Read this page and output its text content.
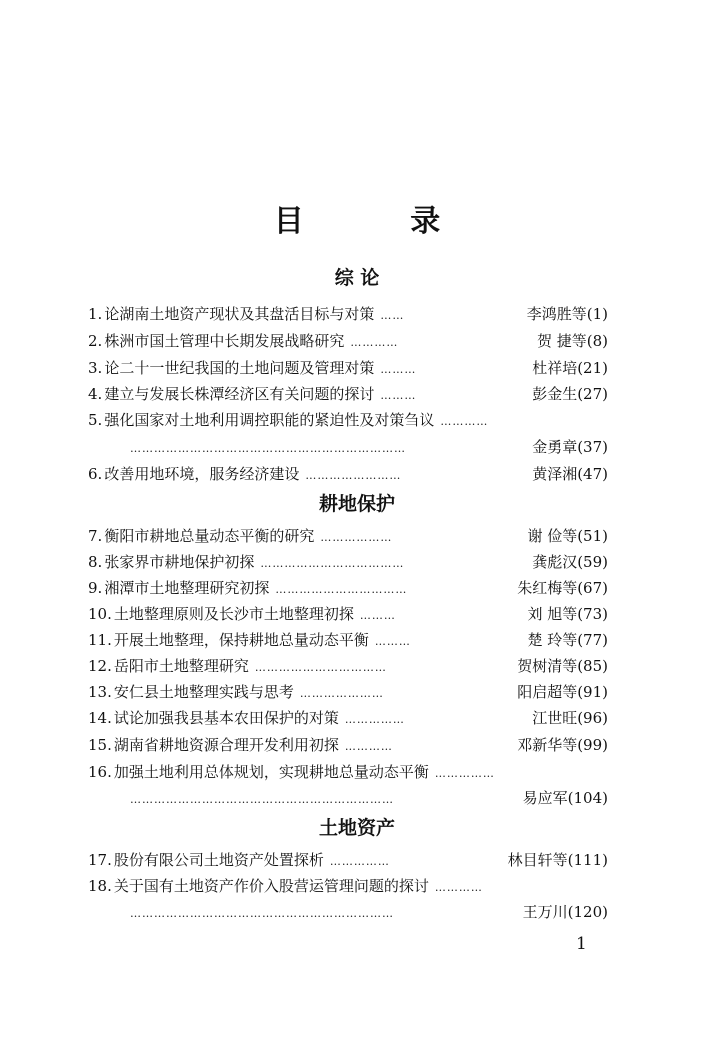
目 录
综 论
1. 论湖南土地资产现状及其盘活目标与对策 ……	李鸿胜等(1)
2. 株洲市国土管理中长期发展战略研究 …………	贺 捷等(8)
3. 论二十一世纪我国的土地问题及管理对策 ………	杜祥培(21)
4. 建立与发展长株潭经济区有关问题的探讨 ………	彭金生(27)
5. 强化国家对土地利用调控职能的紧迫性及对策刍议 …………
……………………………………………………………	金勇章(37)
6. 改善用地环境，服务经济建设 ……………………	黄泽湘(47)
耕地保护
7. 衡阳市耕地总量动态平衡的研究 ………………	谢 俭等(51)
8. 张家界市耕地保护初探 ………………………………	龚彪汉(59)
9. 湘潭市土地整理研究初探 ……………………………	朱红梅等(67)
10. 土地整理原则及长沙市土地整理初探 ………	刘 旭等(73)
11. 开展土地整理，保持耕地总量动态平衡 ………	楚 玲等(77)
12. 岳阳市土地整理研究 ……………………………	贺树清等(85)
13. 安仁县土地整理实践与思考 …………………	阳启超等(91)
14. 试论加强我县基本农田保护的对策 ……………	江世旺(96)
15. 湖南省耕地资源合理开发利用初探 …………	邓新华等(99)
16. 加强土地利用总体规划，实现耕地总量动态平衡 ……………
…………………………………………………………	易应军(104)
土地资产
17. 股份有限公司土地资产处置探析 ……………	林目轩等(111)
18. 关于国有土地资产作价入股营运管理问题的探讨 …………
…………………………………………………………	王万川(120)
1
